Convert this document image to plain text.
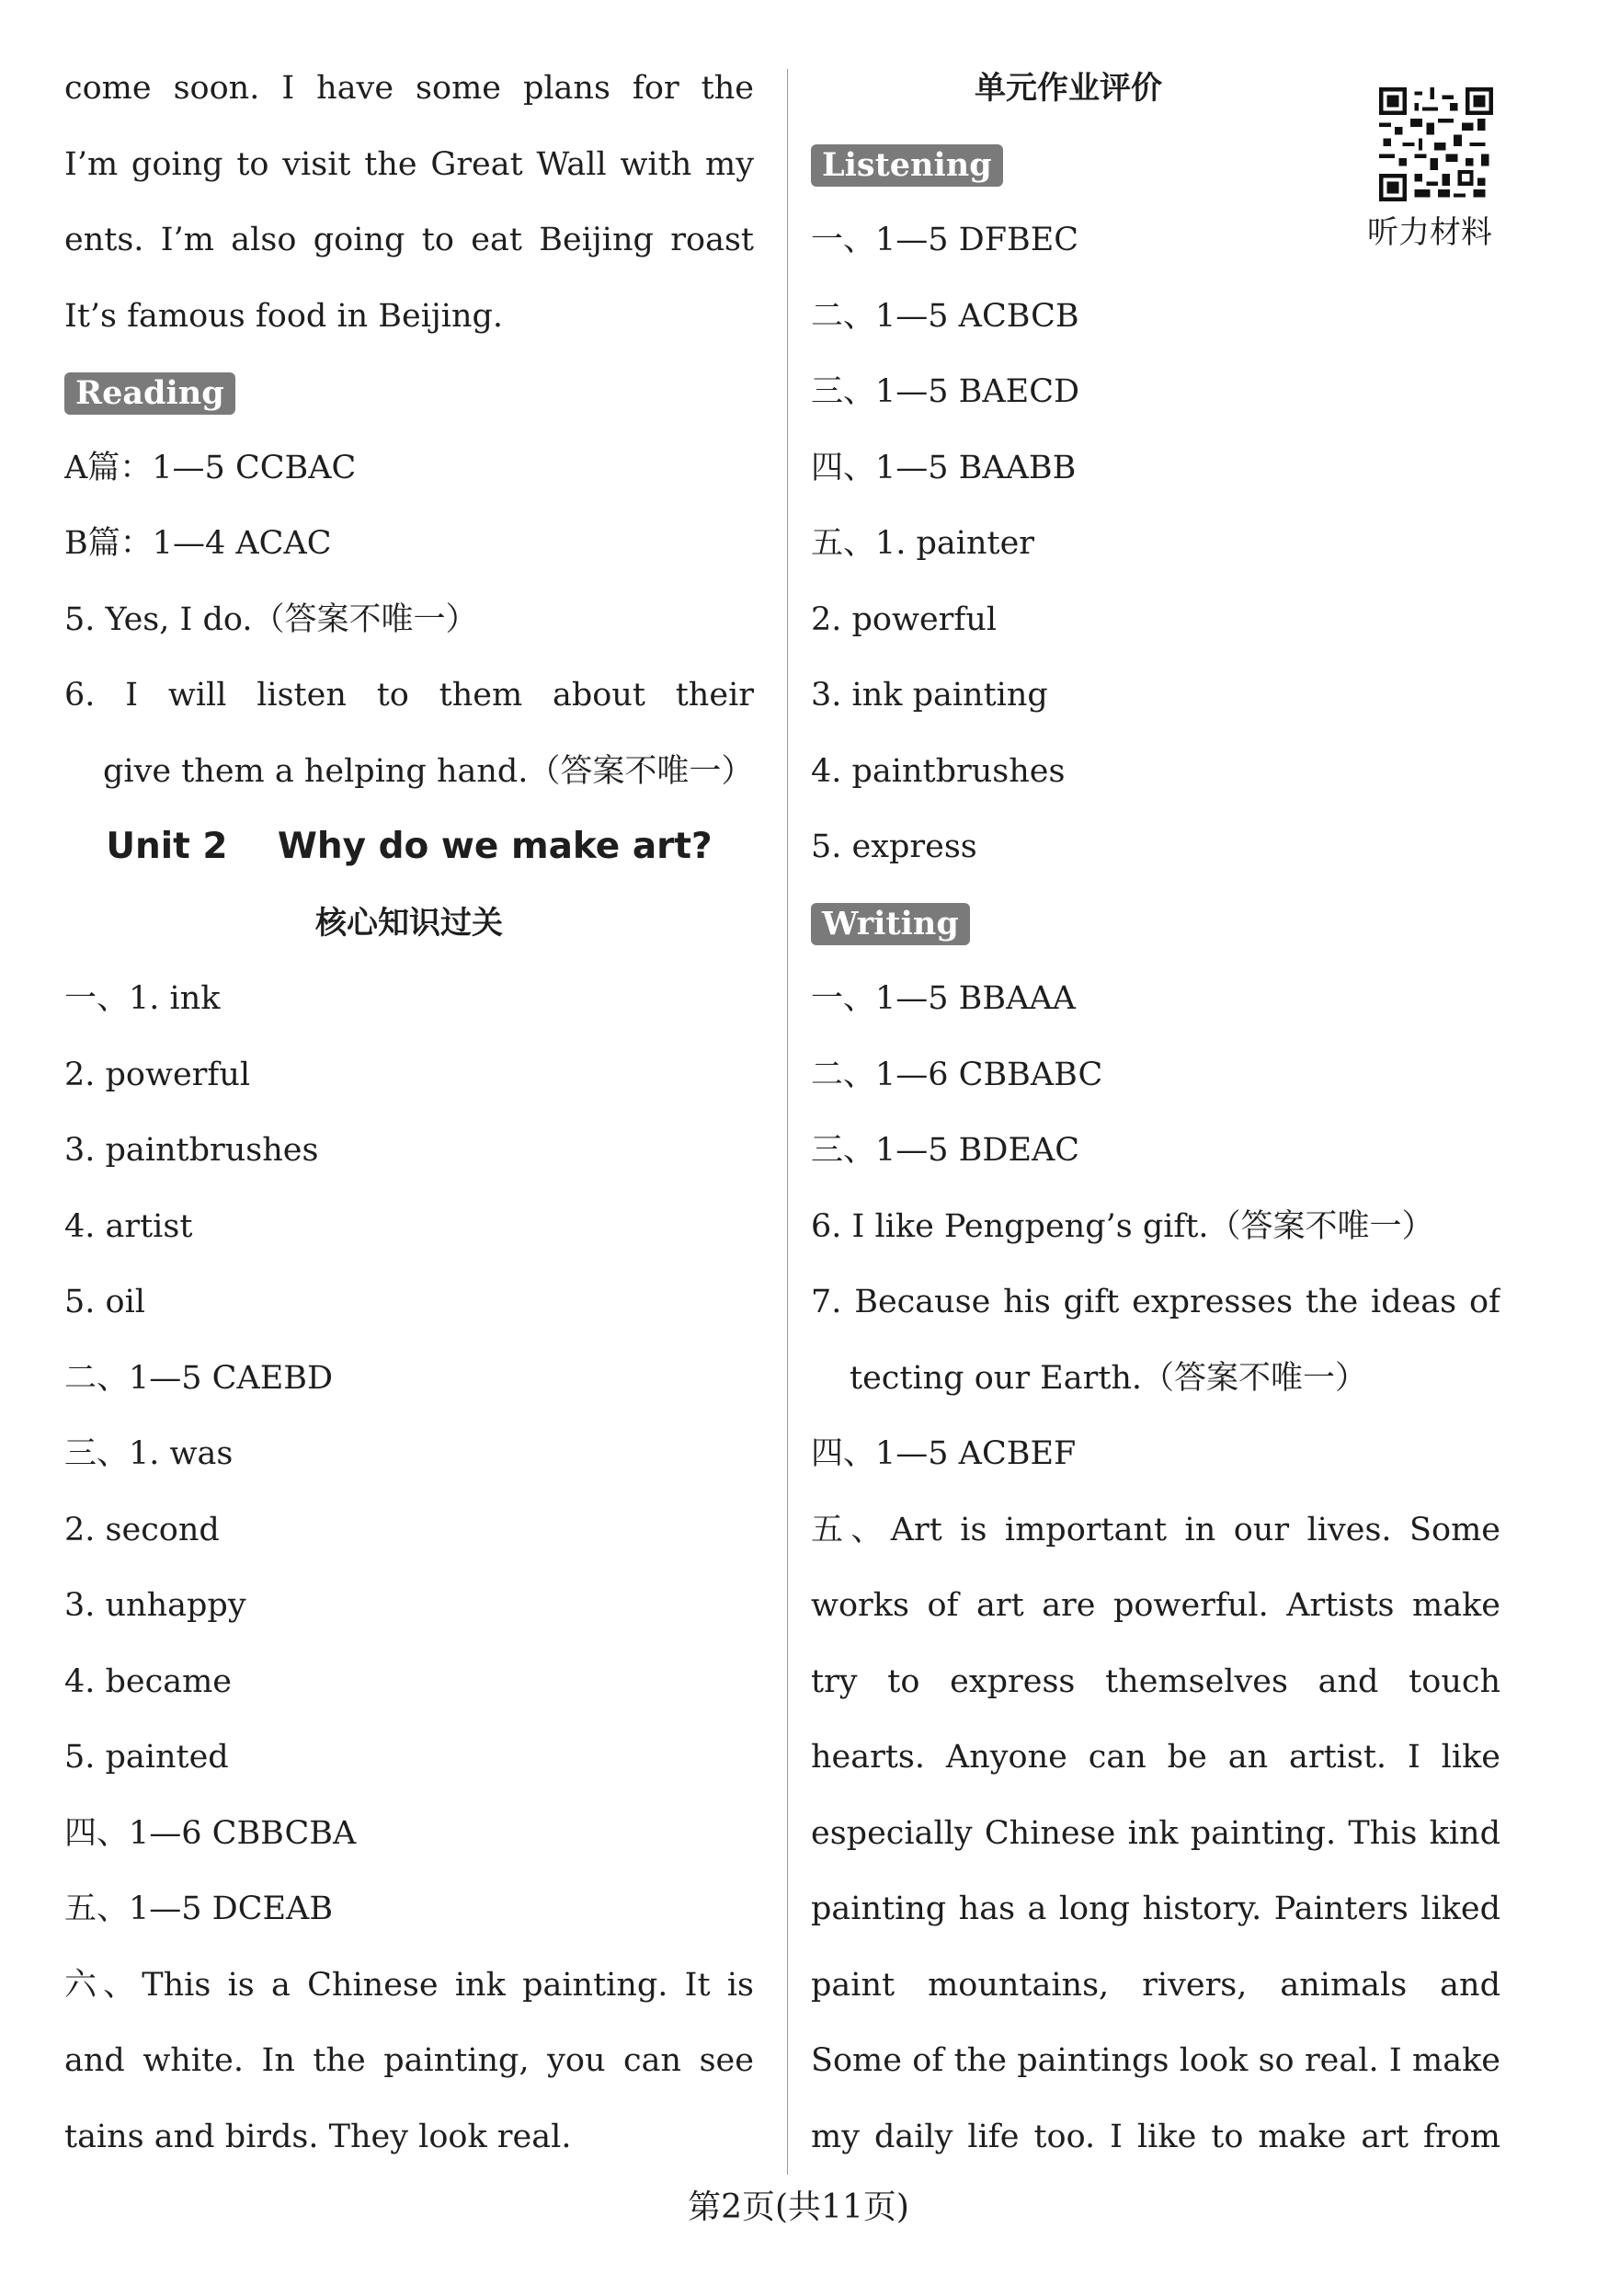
come soon. I have some plans for the
I’m going to visit the Great Wall with my
ents. I’m also going to eat Beijing roast
It’s famous food in Beijing.
Reading
A篇：1—5 CCBAC
B篇：1—4 ACAC
5. Yes, I do.（答案不唯一）
6. I will listen to them about their
give them a helping hand.（答案不唯一）
Unit 2    Why do we make art?
核心知识过关
一、1. ink
2. powerful
3. paintbrushes
4. artist
5. oil
二、1—5 CAEBD
三、1. was
2. second
3. unhappy
4. became
5. painted
四、1—6 CBBCBA
五、1—5 DCEAB
六、This is a Chinese ink painting. It is
and white. In the painting, you can see
tains and birds. They look real.
Listening
一、1—5 DFBEC
二、1—5 ACBCB
三、1—5 BAECD
四、1—5 BAABB
五、1. painter
2. powerful
3. ink painting
4. paintbrushes
5. express
Writing
一、1—5 BBAAA
二、1—6 CBBABC
三、1—5 BDEAC
6. I like Pengpeng’s gift.（答案不唯一）
7. Because his gift expresses the ideas of
tecting our Earth.（答案不唯一）
四、1—5 ACBEF
五、Art is important in our lives. Some
works of art are powerful. Artists make
try to express themselves and touch
hearts. Anyone can be an artist. I like
especially Chinese ink painting. This kind
painting has a long history. Painters liked
paint mountains, rivers, animals and
Some of the paintings look so real. I make
my daily life too. I like to make art from
单元作业评价
听力材料
第2页(共11页)
